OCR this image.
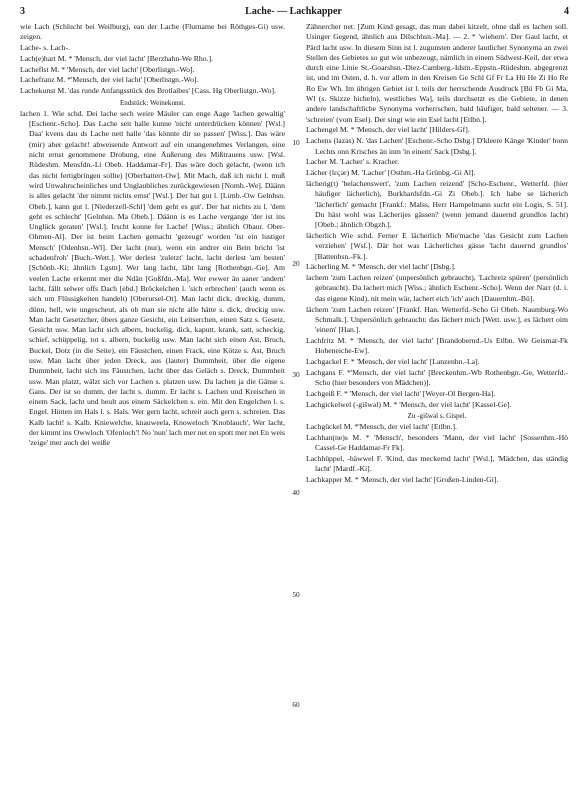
3	Lache- — Lachkapper	4

wie Lach (Schlucht bei Weilburg), ean der Lache (Flurname bei Röthges-Gi) usw. zeigen.

Lache- s. Lach-.

Lach(e)hart M. * 'Mensch, der viel lacht' [Berzhahn-We Rho.].

Lacheflst M. * 'Mensch, der viel lacht' [Oberlistgn.-Wo].

Lachefranz M. *'Mensch, der viel lacht' [Oberlistgn.-Wo].

Lachekunst M. 'das runde Anfangsstück des Brotlaibes' [Cass. Hg Oberlistgn.-Wo].

Endstück: Weinekunst.

lachen 1. Wie schd. Dei lache sech weire Mäuler can enge Aage 'lachen gewaltig' [Eschenr.-Scho]. Das Lache seit halle kunne 'nicht unterdrücken können' [Wsl.] Daa' kvens dau ds Lache nett halle 'das könnte dir so passen' [Wiss.]. Das wäre (mir) aber gelacht! abweisende Antwort auf ein unangenehmes Verlangen, eine nicht ernst genommene Drohung, eine Äußerung des Mißtrauens usw. [Wsl. Rüdeshm. Mensfdn.-Li Obeb. Haddamar-Fr]. Das wäre doch gelacht, (wenn ich das nicht fertigbringen sollte) [Oberhattert-Ow]. Mit Mach, daß ich nicht l. muß wird Unwahrscheinliches und Unglaubliches zurückgewiesen [Nomb.-We]. Däänn is alles gelacht 'der nimmt nichts ernst' [Wsl.]. Der hat gut l. [Limb.-Ow Gelnhsn. Obeb.], kann gut l. [Niederzell-Schl] 'dem geht es gut'. Der hat nichts zu l. 'dem geht es schlecht' [Gelnhsn. Ma Obeb.]. Däänn is es Lache vergange 'der ist ins Unglück geraten' [Wsl.]. Irscht konne fer Lache! [Wiss.; ähnlich Obaur. Ober-Ohmen-Al]. Der ist beim Lachen gemacht 'gezeugt' worden 'ist ein lustiger Mensch' [Odenhsn.-Wl]. Der lacht (nur), wenn ein andrer ein Bein bricht 'ist schadenfroh' [Buch.-Wett.]. Wer derlest 'zuletzt' lacht, lacht derlest 'am besten' [Schönb.-Ki; ähnlich Lgstn]. Wer lang lacht, läbt lang [Rothenbgn.-Ge]. Am veelen Lache erkennt mer die Ndän [Goßfdn.-Ma]. Wer ewwer än aaner 'andern' lacht, fällt selwer offs Dach [ebd.] Bröckelchen l. 'sich erbrechen' (auch wenn es sich um Flüssigkeiten handelt) [Oberursel-Ot]. Man lacht dick, dreckig, dumm, dünn, hell, wie ungescheut, als ob man sie nicht alle hätte s. dick, dreckig usw. Man lacht Gesetzcher, übers ganze Gesicht, ein Leitserchen, einen Satz s. Gesetz, Gesicht usw. Man lacht sich albern, buckelig, dick, kaputt, krank, satt, scheckig, schief, schüppelig, tot s. albern, buckelig usw. Man lacht sich einen Ast, Bruch, Buckel, Dotz (in die Seite), ein Fäustchen, einen Frack, eine Kötze s. Ast, Bruch usw. Man lacht über jeden Dreck, aus (lauter) Dummheit, über die eigene Dummheit, lacht sich ins Fäustchen, lacht über das Geläch s. Dreck, Dummheit usw. Man platzt, wälzt sich vor Lachen s. platzen usw. Da lachen ja die Gänse s. Gans. Der ist so dumm, der lacht s. dumm. Er lacht s. Lachen und Kreischen in einem Sack, lacht und heult aus einem Säckelchen s. ein. Mit den Engelchen l. s. Engel. Hinten im Hals l. s. Hals. Wer gern lacht, schreit auch gern s. schreien. Das Kalb lacht! s. Kalb. Kniewelche, knauweela, Knoweloch 'Knoblauch', Wer lacht, der kimmt ins Owwloch 'Ofenloch'! No 'nun' lach mer net en spott mer net En weis 'zeige' mer auch dei weiße

10
20
30
40
50
60

Zähnercher net. [Zum Kind gesagt, das man dabei kitzelt, ohne daß es lachen soll. Usinger Gegend, ähnlich aus Dilschhsn.-Ma]. — 2. * 'wiehern'. Der Gaul lacht, et Pärd lacht usw. In diesem Sinn ist l. zugunsten anderer lautlicher Synonyma an zwei Stellen des Gebietes so gut wie unbezeugt, nämlich in einem Südwest-Keil, der etwa durch eine Linie St.-Goarshsn.-Diez-Camberg.-Idstn.-Eppstn.-Rüdeshm. abgegrenzt ist, und im Osten, d. h. vor allem in den Kreisen Ge Schl Gf Fr La Hü He Zi Ho Re Ro Ew Wh. Im übrigen Gebiet ist l. teils der herrschende Ausdruck [Bü Fb Gi Ma, Wl (s. Skizze hicheln), westliches Wa], teils durchsetzt es die Gebiete, in denen andere landschaftliche Synonyma vorherrschen, bald häufiger, bald seltener. — 3. 'schreien' (vom Esel). Der singt wie ein Esel lacht [Etlbn.].

Lachengel M. * 'Mensch, der viel lacht' [Hilders-Gf].

Lachens (lazəs) N. 'das Lachen' [Eschenr.-Scho Dsbg.] D'kleere Känge 'Kinder' honn Lechts onn Krisches än inm 'in einem' Sack [Dsbg.].

Lacher M. 'Lacher' s. Kracher.

Lächer (lɛçər) M. 'Lacher' [Osthm.-Ha Grünbg.-Gi Al].

lächerig(t) 'belachenswert', 'zum Lachen reizend' [Scho-Eschenr., Wetterfd. (hier häufiger lächerlich), Burkhardsfdn.-Gi Zi Obeb.]. Ich habe se lächerich 'lächerlich' gemacht [Frankf.: Malss, Herr Hampelmann sucht ein Logis, S. 51]. Du häst wohl was Lächerijes gässen? (wenn jemand dauernd grundlos lacht) [Obeb.; ähnlich Obgzh.].

lächerlich Wie schd. Ferner E lächerlich Mie'mache 'das Gesicht zum Lachen verziehen' [Wsl.]. Där hot was Lächerliches gässe 'lacht dauernd grundlos' [Battenhsn.-Fk.].

Lächerling M. * 'Mensch, der viel lacht' [Dsbg.].

lachern 'zum Lachen reizen' (unpersönlich gebraucht), 'Lachreiz spüren' (persönlich gebraucht). Da lachert mich [Wiss.; ähnlich Eschenr.-Scho]. Wenn der Narr (d. i. das eigene Kind), nit mein wär, lachert eich 'ich' auch [Dauernhm.-Bü].

lächern 'zum Lachen reizen' [Frankf. Han. Wetterfd.-Scho Gi Obeb. Naumburg-Wo Schmalk.]. Unpersönlich gebraucht: das lächert mich [Wett. usw.], es lächert oim 'einem' [Han.].

Lachfritz M. * 'Mensch, der viel lacht' [Brandobernd.-Us Etlbn. We Geismar-Fk Hoheneiche-Ew].

Lachgackel F. * 'Mensch, der viel lacht' [Lanzenhn.-La].

Lachgans F. *'Mensch, der viel lacht' [Breckenhm.-Wb Rothenbgn.-Ge, Wetterfd.-Scho (hier besonders von Mädchen)].

Lachgeiß F. * 'Mensch, der viel lacht' [Weyer-Ol Bergen-Ha].

Lachgickelwel (-gišwəl) M. * 'Mensch, der viel lacht' [Kassel-Ge].

Zu -gišwəl s. Gispel.

Lachgückel M. *'Mensch, der viel lacht' [Etlbn.].

Lachhan(ne)s M. * 'Mensch', besonders 'Mann, der viel lacht' [Sossenhm.-Hö Cassel-Ge Haddamar-Fr Fk].

Lachhüppel, -häwwel F. 'Kind, das meckernd lacht' [Wsl.], 'Mädchen, das ständig lacht' [Mardf.-Ki].

Lachkapper M. * 'Mensch, der viel lacht' [Großen-Linden-Gi].
